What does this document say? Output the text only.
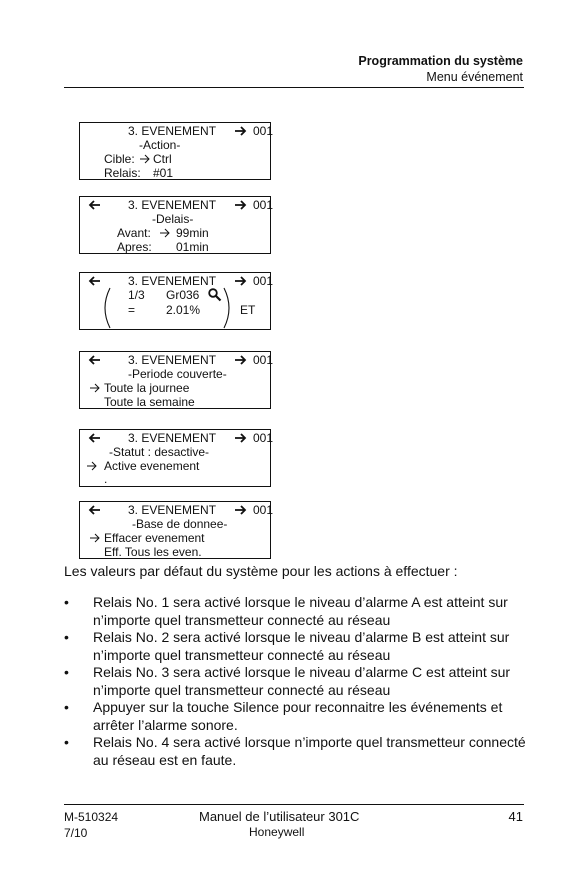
Programmation du système
Menu événement
3. EVENEMENT	001
-Action-
Cible: Ctrl
Relais: #01
3. EVENEMENT	001
-Delais-
Avant: 99min
Apres: 01min
3. EVENEMENT	001
1/3 Gr036
=	2.01%	ET
3. EVENEMENT	001
-Periode couverte-
Toute la journee
Toute la semaine
3. EVENEMENT	001
-Statut : desactive-
Active evenement
.
3. EVENEMENT	001
-Base de donnee-
Effacer evenement
Eff. Tous les even.
Les valeurs par défaut du système pour les actions à effectuer :
• Relais No. 1 sera activé lorsque le niveau d’alarme A est atteint sur n’importe quel transmetteur connecté au réseau
• Relais No. 2 sera activé lorsque le niveau d’alarme B est atteint sur n’importe quel transmetteur connecté au réseau
• Relais No. 3 sera activé lorsque le niveau d’alarme C est atteint sur n’importe quel transmetteur connecté au réseau
• Appuyer sur la touche Silence pour reconnaitre les événements et arrêter l’alarme sonore.
• Relais No. 4 sera activé lorsque n’importe quel transmetteur connecté au réseau est en faute.
M-510324
7/10
Manuel de l’utilisateur 301C
Honeywell
41
